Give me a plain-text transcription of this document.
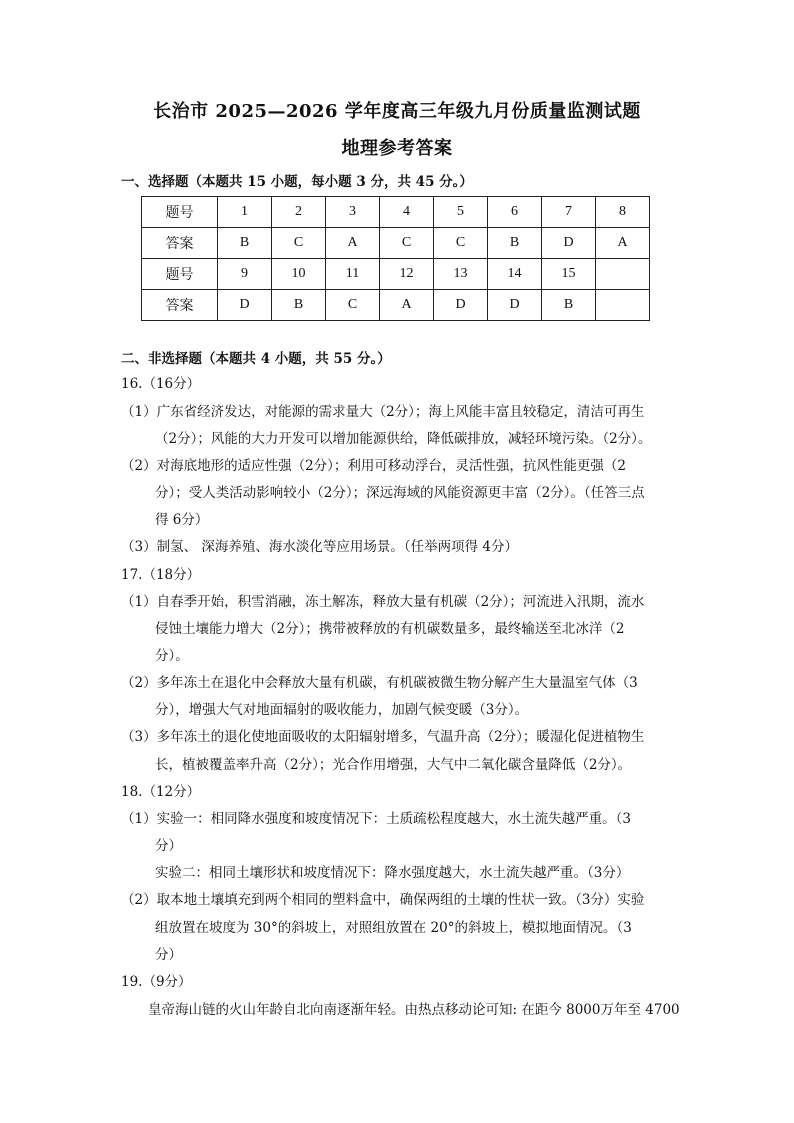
长治市 2025—2026 学年度高三年级九月份质量监测试题
地理参考答案
一、选择题（本题共 15 小题，每小题 3 分，共 45 分。）
题号	1	2	3	4	5	6	7	8
答案	B	C	A	C	C	B	D	A
题号	9	10	11	12	13	14	15	
答案	D	B	C	A	D	D	B	
二、非选择题（本题共 4 小题，共 55 分。）
16.（16分）
（1）广东省经济发达，对能源的需求量大（2分）；海上风能丰富且较稳定，清洁可再生
（2分）；风能的大力开发可以增加能源供给，降低碳排放，减轻环境污染。（2分）。
（2）对海底地形的适应性强（2分）；利用可移动浮台，灵活性强，抗风性能更强（2
分）；受人类活动影响较小（2分）；深远海域的风能资源更丰富（2分）。（任答三点
得 6分）
（3）制氢、 深海养殖、海水淡化等应用场景。（任举两项得 4分）
17.（18分）
（1）自春季开始，积雪消融，冻土解冻，释放大量有机碳（2分）；河流进入汛期，流水
侵蚀土壤能力增大（2分）；携带被释放的有机碳数量多，最终输送至北冰洋（2
分）。
（2）多年冻土在退化中会释放大量有机碳，有机碳被微生物分解产生大量温室气体（3
分），增强大气对地面辐射的吸收能力，加剧气候变暖（3分）。
（3）多年冻土的退化使地面吸收的太阳辐射增多，气温升高（2分）；暖湿化促进植物生
长，植被覆盖率升高（2分）；光合作用增强，大气中二氧化碳含量降低（2分）。
18.（12分）
（1）实验一：相同降水强度和坡度情况下：土质疏松程度越大，水土流失越严重。（3
分）
实验二：相同土壤形状和坡度情况下：降水强度越大，水土流失越严重。（3分）
（2）取本地土壤填充到两个相同的塑料盒中，确保两组的土壤的性状一致。（3分）实验
组放置在坡度为 30°的斜坡上，对照组放置在 20°的斜坡上，模拟地面情况。（3
分）
19.（9分）
皇帝海山链的火山年龄自北向南逐渐年轻。由热点移动论可知: 在距今 8000万年至 4700
